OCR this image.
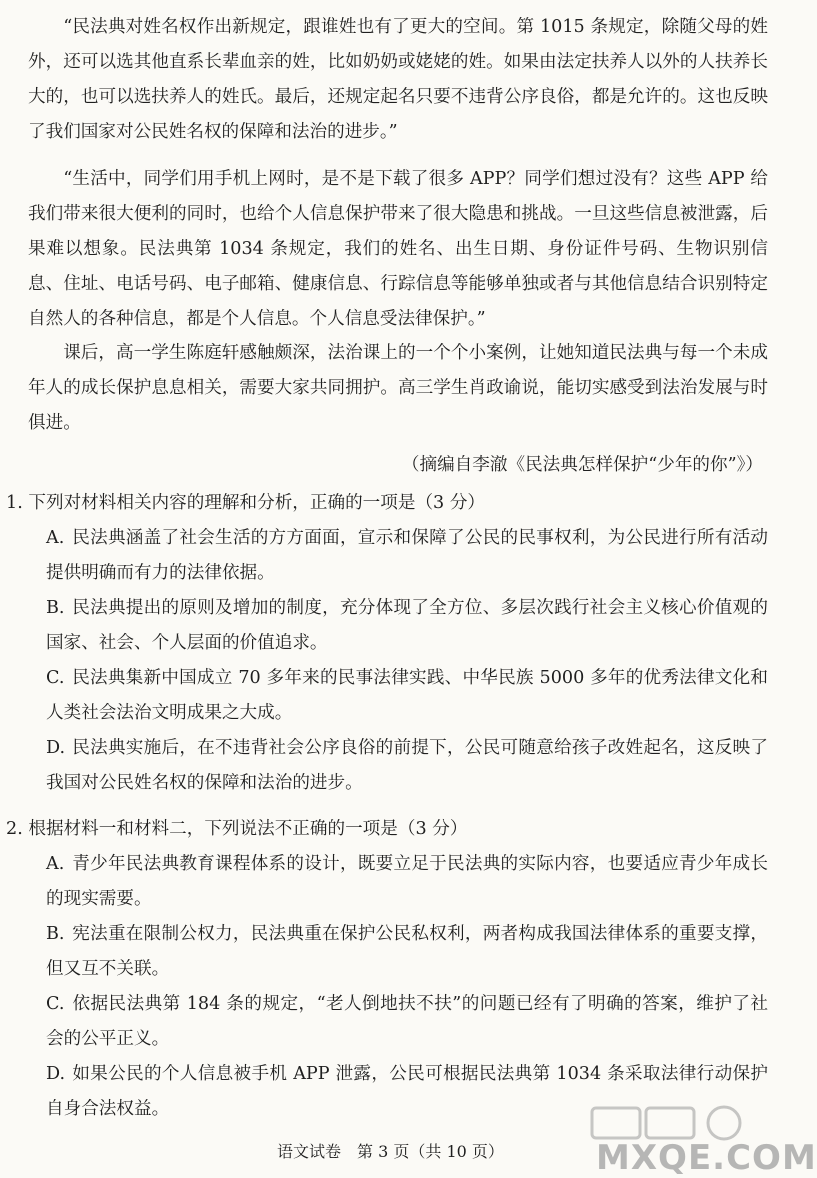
“民法典对姓名权作出新规定，跟谁姓也有了更大的空间。第 1015 条规定，除随父母的姓外，还可以选其他直系长辈血亲的姓，比如奶奶或姥姥的姓。如果由法定扶养人以外的人扶养长大的，也可以选扶养人的姓氏。最后，还规定起名只要不违背公序良俗，都是允许的。这也反映了我们国家对公民姓名权的保障和法治的进步。”

“生活中，同学们用手机上网时，是不是下载了很多 APP？同学们想过没有？这些 APP 给我们带来很大便利的同时，也给个人信息保护带来了很大隐患和挑战。一旦这些信息被泄露，后果难以想象。民法典第 1034 条规定，我们的姓名、出生日期、身份证件号码、生物识别信息、住址、电话号码、电子邮箱、健康信息、行踪信息等能够单独或者与其他信息结合识别特定自然人的各种信息，都是个人信息。个人信息受法律保护。”

课后，高一学生陈庭轩感触颇深，法治课上的一个个小案例，让她知道民法典与每一个未成年人的成长保护息息相关，需要大家共同拥护。高三学生肖政谕说，能切实感受到法治发展与时俱进。

（摘编自李澈《民法典怎样保护“少年的你”》）
1. 下列对材料相关内容的理解和分析，正确的一项是（3 分）
A. 民法典涵盖了社会生活的方方面面，宣示和保障了公民的民事权利，为公民进行所有活动提供明确而有力的法律依据。
B. 民法典提出的原则及增加的制度，充分体现了全方位、多层次践行社会主义核心价值观的国家、社会、个人层面的价值追求。
C. 民法典集新中国成立 70 多年来的民事法律实践、中华民族 5000 多年的优秀法律文化和人类社会法治文明成果之大成。
D. 民法典实施后，在不违背社会公序良俗的前提下，公民可随意给孩子改姓起名，这反映了我国对公民姓名权的保障和法治的进步。
2. 根据材料一和材料二，下列说法不正确的一项是（3 分）
A. 青少年民法典教育课程体系的设计，既要立足于民法典的实际内容，也要适应青少年成长的现实需要。
B. 宪法重在限制公权力，民法典重在保护公民私权利，两者构成我国法律体系的重要支撑，但又互不关联。
C. 依据民法典第 184 条的规定，“老人倒地扶不扶”的问题已经有了明确的答案，维护了社会的公平正义。
D. 如果公民的个人信息被手机 APP 泄露，公民可根据民法典第 1034 条采取法律行动保护自身合法权益。
语文试卷　第 3 页（共 10 页）	MXQE.COM
